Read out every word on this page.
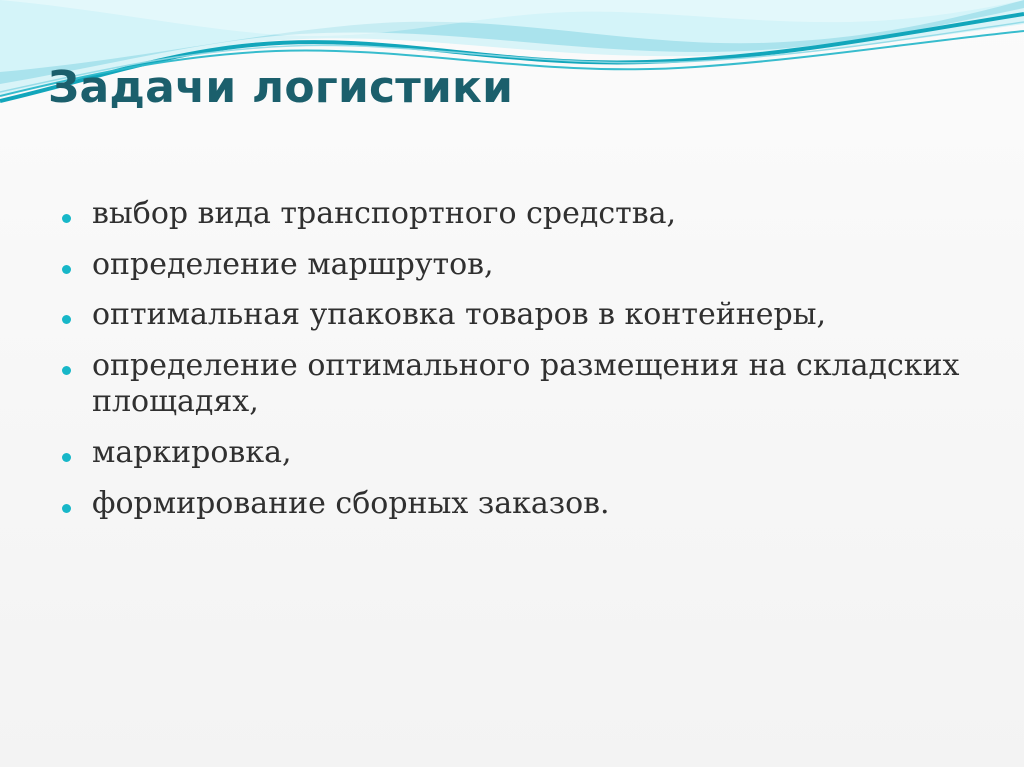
Задачи логистики
выбор вида транспортного средства,
определение маршрутов,
оптимальная упаковка товаров в контейнеры,
определение оптимального размещения на складских площадях,
маркировка,
формирование сборных заказов.
